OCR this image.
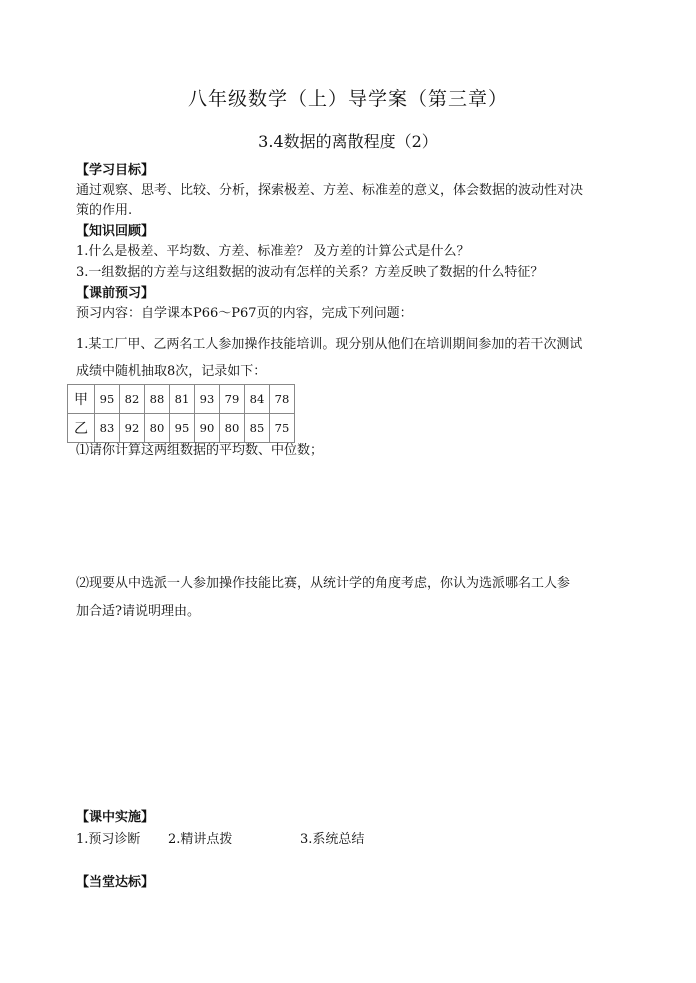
八年级数学（上）导学案（第三章）
3.4数据的离散程度（2）
【学习目标】
通过观察、思考、比较、分析，探索极差、方差、标准差的意义，体会数据的波动性对决
策的作用.
【知识回顾】
1.什么是极差、平均数、方差、标准差？ 及方差的计算公式是什么？
3.一组数据的方差与这组数据的波动有怎样的关系？方差反映了数据的什么特征？
【课前预习】
预习内容：自学课本P66～P67页的内容，完成下列问题：
1.某工厂甲、乙两名工人参加操作技能培训。现分别从他们在培训期间参加的若干次测试
成绩中随机抽取8次，记录如下：
甲	95	82	88	81	93	79	84	78
乙	83	92	80	95	90	80	85	75
⑴请你计算这两组数据的平均数、中位数；
⑵现要从中选派一人参加操作技能比赛，从统计学的角度考虑，你认为选派哪名工人参
加合适?请说明理由。
【课中实施】
1.预习诊断 2.精讲点拨	3.系统总结
【当堂达标】
